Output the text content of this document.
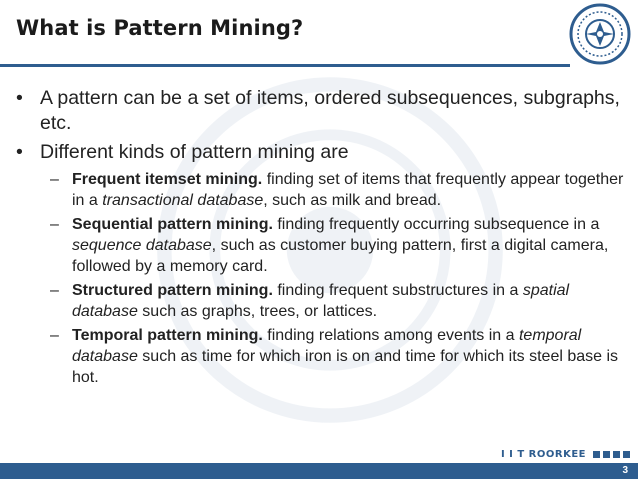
What is Pattern Mining?
• A pattern can be a set of items, ordered subsequences, subgraphs, etc.
• Different kinds of pattern mining are
– Frequent itemset mining. finding set of items that frequently appear together in a transactional database, such as milk and bread.
– Sequential pattern mining. finding frequently occurring subsequence in a sequence database, such as customer buying pattern, first a digital camera, followed by a memory card.
– Structured pattern mining. finding frequent substructures in a spatial database such as graphs, trees, or lattices.
– Temporal pattern mining. finding relations among events in a temporal database such as time for which iron is on and time for which its steel base is hot.
I I T ROORKEE
3
